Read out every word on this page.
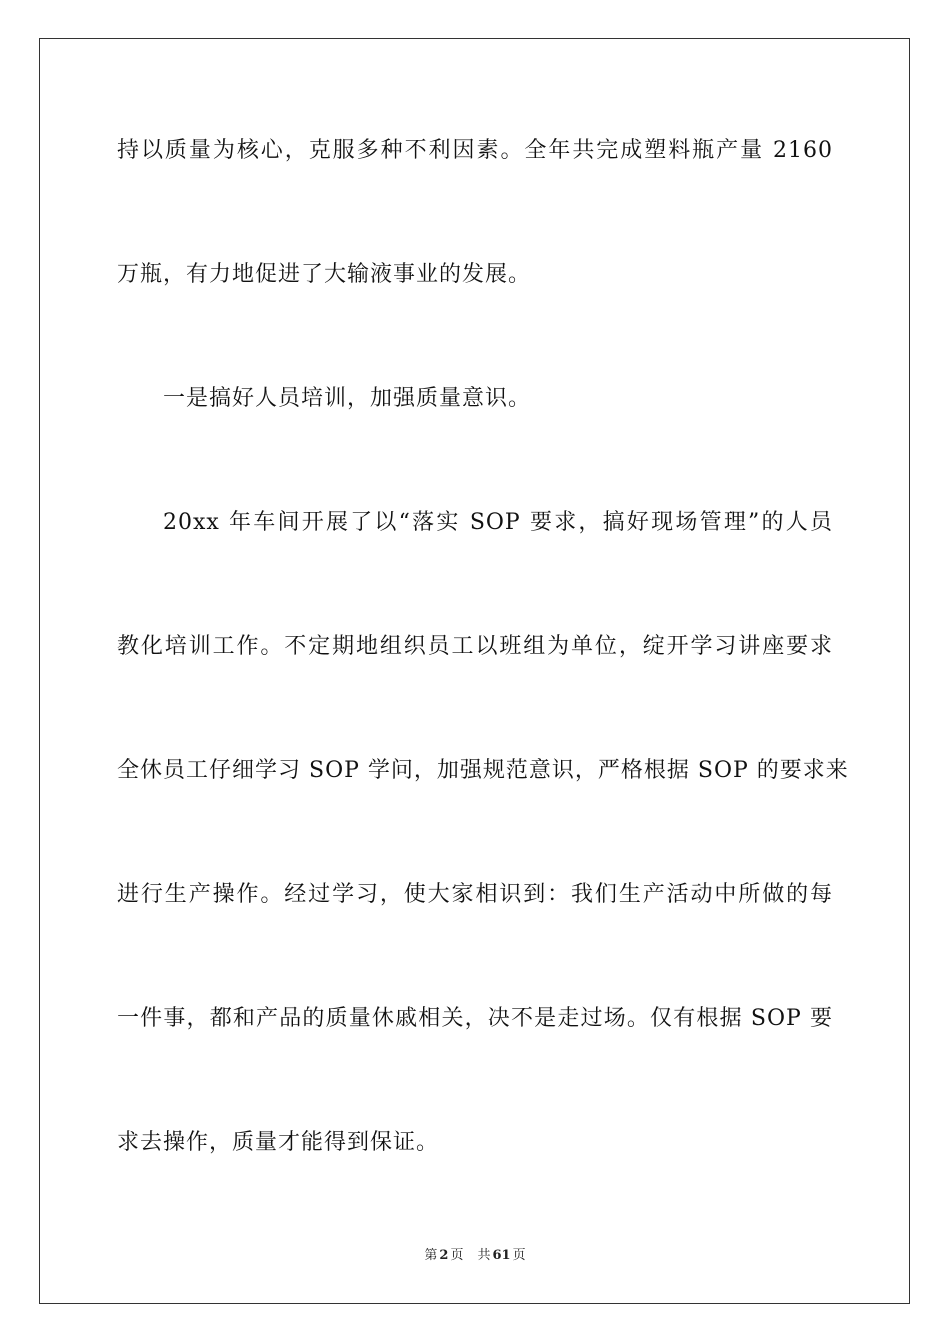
持以质量为核心，克服多种不利因素。全年共完成塑料瓶产量 2160
万瓶，有力地促进了大输液事业的发展。
一是搞好人员培训，加强质量意识。
20xx 年车间开展了以“落实 SOP 要求，搞好现场管理”的人员
教化培训工作。不定期地组织员工以班组为单位，绽开学习讲座要求
全休员工仔细学习 SOP 学问，加强规范意识，严格根据 SOP 的要求来
进行生产操作。经过学习，使大家相识到：我们生产活动中所做的每
一件事，都和产品的质量休戚相关，决不是走过场。仅有根据 SOP 要
求去操作，质量才能得到保证。
第 2 页 共 61 页
